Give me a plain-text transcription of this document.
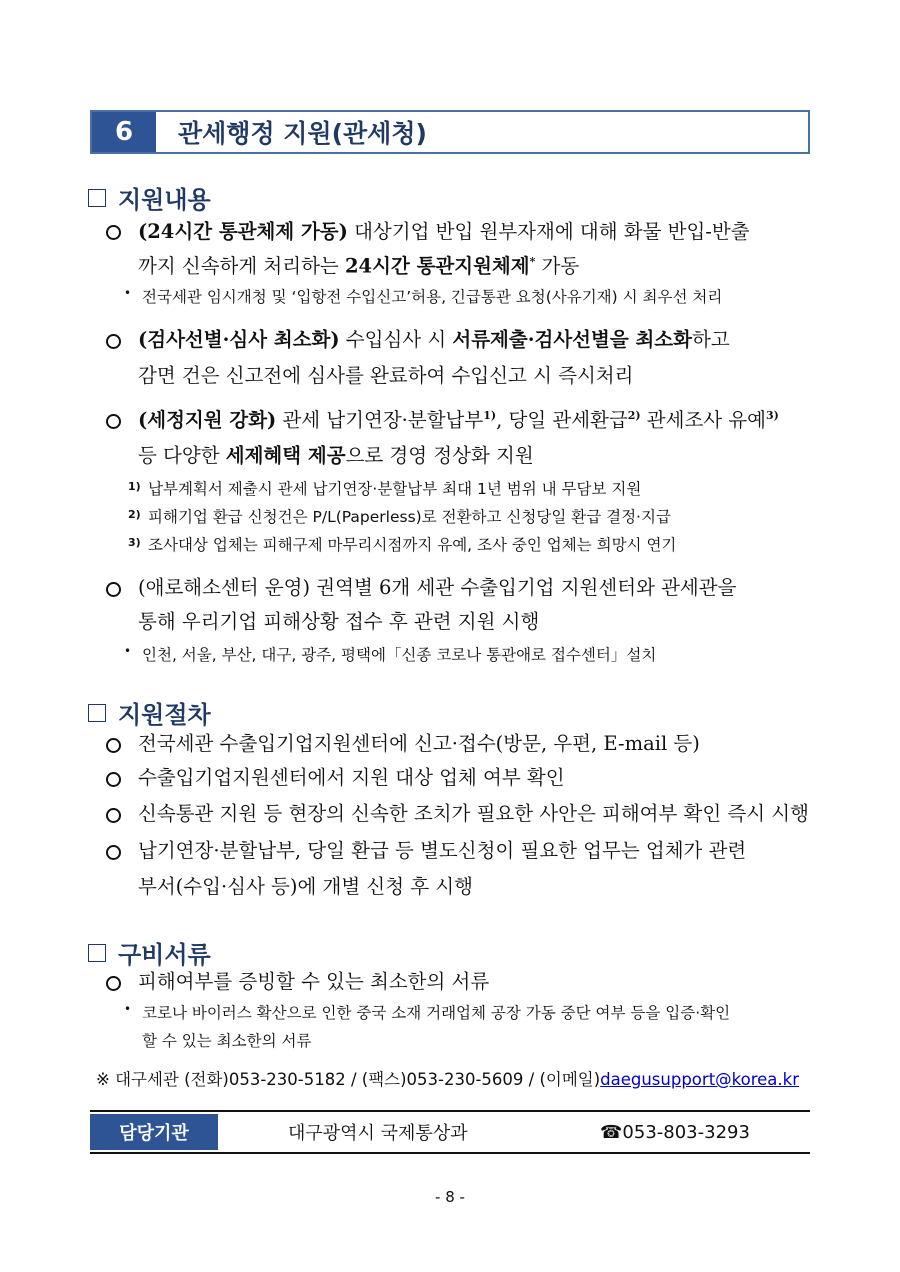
6	관세행정 지원(관세청)
지원내용
(24시간 통관체제 가동) 대상기업 반입 원부자재에 대해 화물 반입-반출
까지 신속하게 처리하는 24시간 통관지원체제* 가동
• 전국세관 임시개청 및 ‘입항전 수입신고’허용, 긴급통관 요청(사유기재) 시 최우선 처리
(검사선별·심사 최소화) 수입심사 시 서류제출·검사선별을 최소화하고
감면 건은 신고전에 심사를 완료하여 수입신고 시 즉시처리
(세정지원 강화) 관세 납기연장·분할납부$^{1)}$, 당일 관세환급$^{2)}$ 관세조사 유예$^{3)}$
등 다양한 세제혜택 제공으로 경영 정상화 지원
1) 납부계획서 제출시 관세 납기연장·분할납부 최대 1년 범위 내 무담보 지원
2) 피해기업 환급 신청건은 P/L(Paperless)로 전환하고 신청당일 환급 결정·지급
3) 조사대상 업체는 피해구제 마무리시점까지 유예, 조사 중인 업체는 희망시 연기
(애로해소센터 운영) 권역별 6개 세관 수출입기업 지원센터와 관세관을
통해 우리기업 피해상황 접수 후 관련 지원 시행
• 인천, 서울, 부산, 대구, 광주, 평택에「신종 코로나 통관애로 접수센터」설치
지원절차
전국세관 수출입기업지원센터에 신고·접수(방문, 우편, E-mail 등)
수출입기업지원센터에서 지원 대상 업체 여부 확인
신속통관 지원 등 현장의 신속한 조치가 필요한 사안은 피해여부 확인 즉시 시행
납기연장·분할납부, 당일 환급 등 별도신청이 필요한 업무는 업체가 관련
부서(수입·심사 등)에 개별 신청 후 시행
구비서류
피해여부를 증빙할 수 있는 최소한의 서류
• 코로나 바이러스 확산으로 인한 중국 소재 거래업체 공장 가동 중단 여부 등을 입증·확인
할 수 있는 최소한의 서류
※ 대구세관 (전화)053-230-5182 / (팩스)053-230-5609 / (이메일)daegusupport@korea.kr
담당기관	대구광역시 국제통상과	☎053-803-3293
- 8 -
